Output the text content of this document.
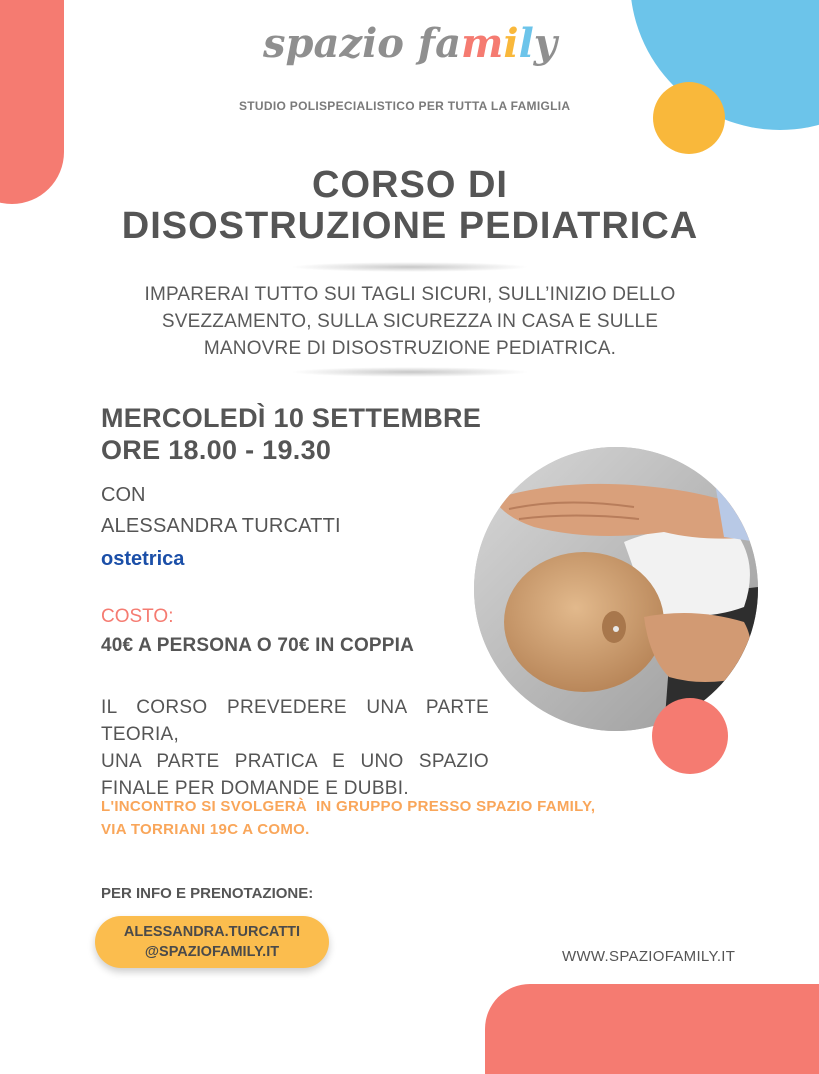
spazio family
STUDIO POLISPECIALISTICO PER TUTTA LA FAMIGLIA
CORSO DI
DISOSTRUZIONE PEDIATRICA
IMPARERAI TUTTO SUI TAGLI SICURI, SULL’INIZIO DELLO
SVEZZAMENTO, SULLA SICUREZZA IN CASA E SULLE
MANOVRE DI DISOSTRUZIONE PEDIATRICA.
MERCOLEDÌ 10 SETTEMBRE
ORE 18.00 - 19.30
CON
ALESSANDRA TURCATTI
ostetrica
COSTO:
40€ A PERSONA O 70€ IN COPPIA
IL CORSO PREVEDERE UNA PARTE TEORIA,
UNA PARTE PRATICA E UNO SPAZIO
FINALE PER DOMANDE E DUBBI.
L'INCONTRO SI SVOLGERÀ  IN GRUPPO PRESSO SPAZIO FAMILY,
VIA TORRIANI 19C A COMO.
PER INFO E PRENOTAZIONE:
ALESSANDRA.TURCATTI
@SPAZIOFAMILY.IT	WWW.SPAZIOFAMILY.IT
